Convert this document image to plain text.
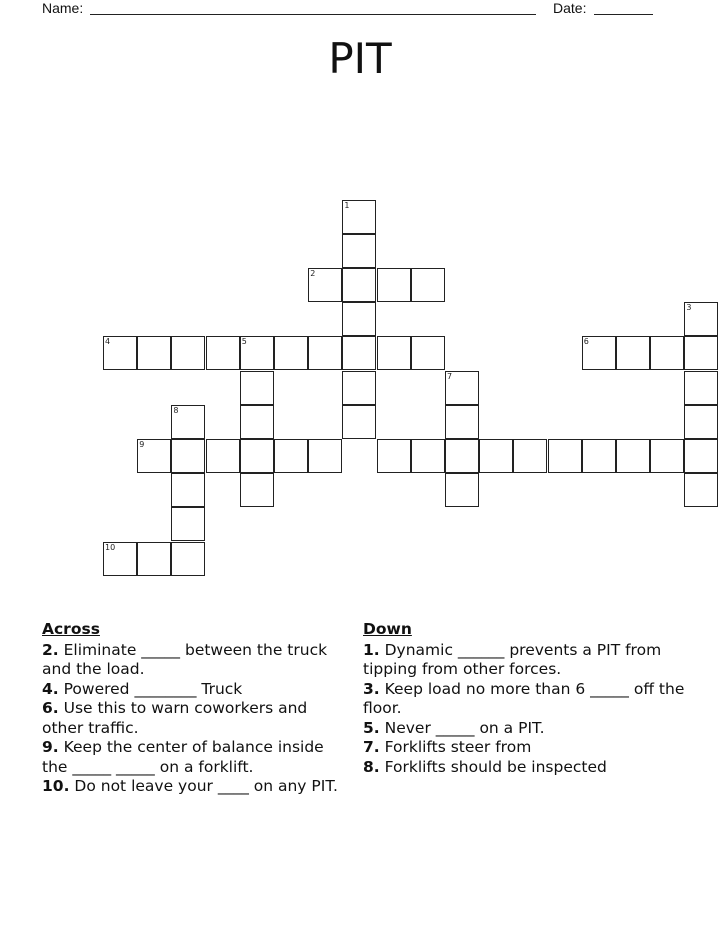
Name:	Date:
PIT
1
2
3
4	5	6
7
8
9
10
Across
2. Eliminate _____ between the truck and the load.
4. Powered ________ Truck
6. Use this to warn coworkers and other traffic.
9. Keep the center of balance inside the _____ _____ on a forklift.
10. Do not leave your ____ on any PIT.
Down
1. Dynamic ______ prevents a PIT from tipping from other forces.
3. Keep load no more than 6 _____ off the floor.
5. Never _____ on a PIT.
7. Forklifts steer from
8. Forklifts should be inspected
